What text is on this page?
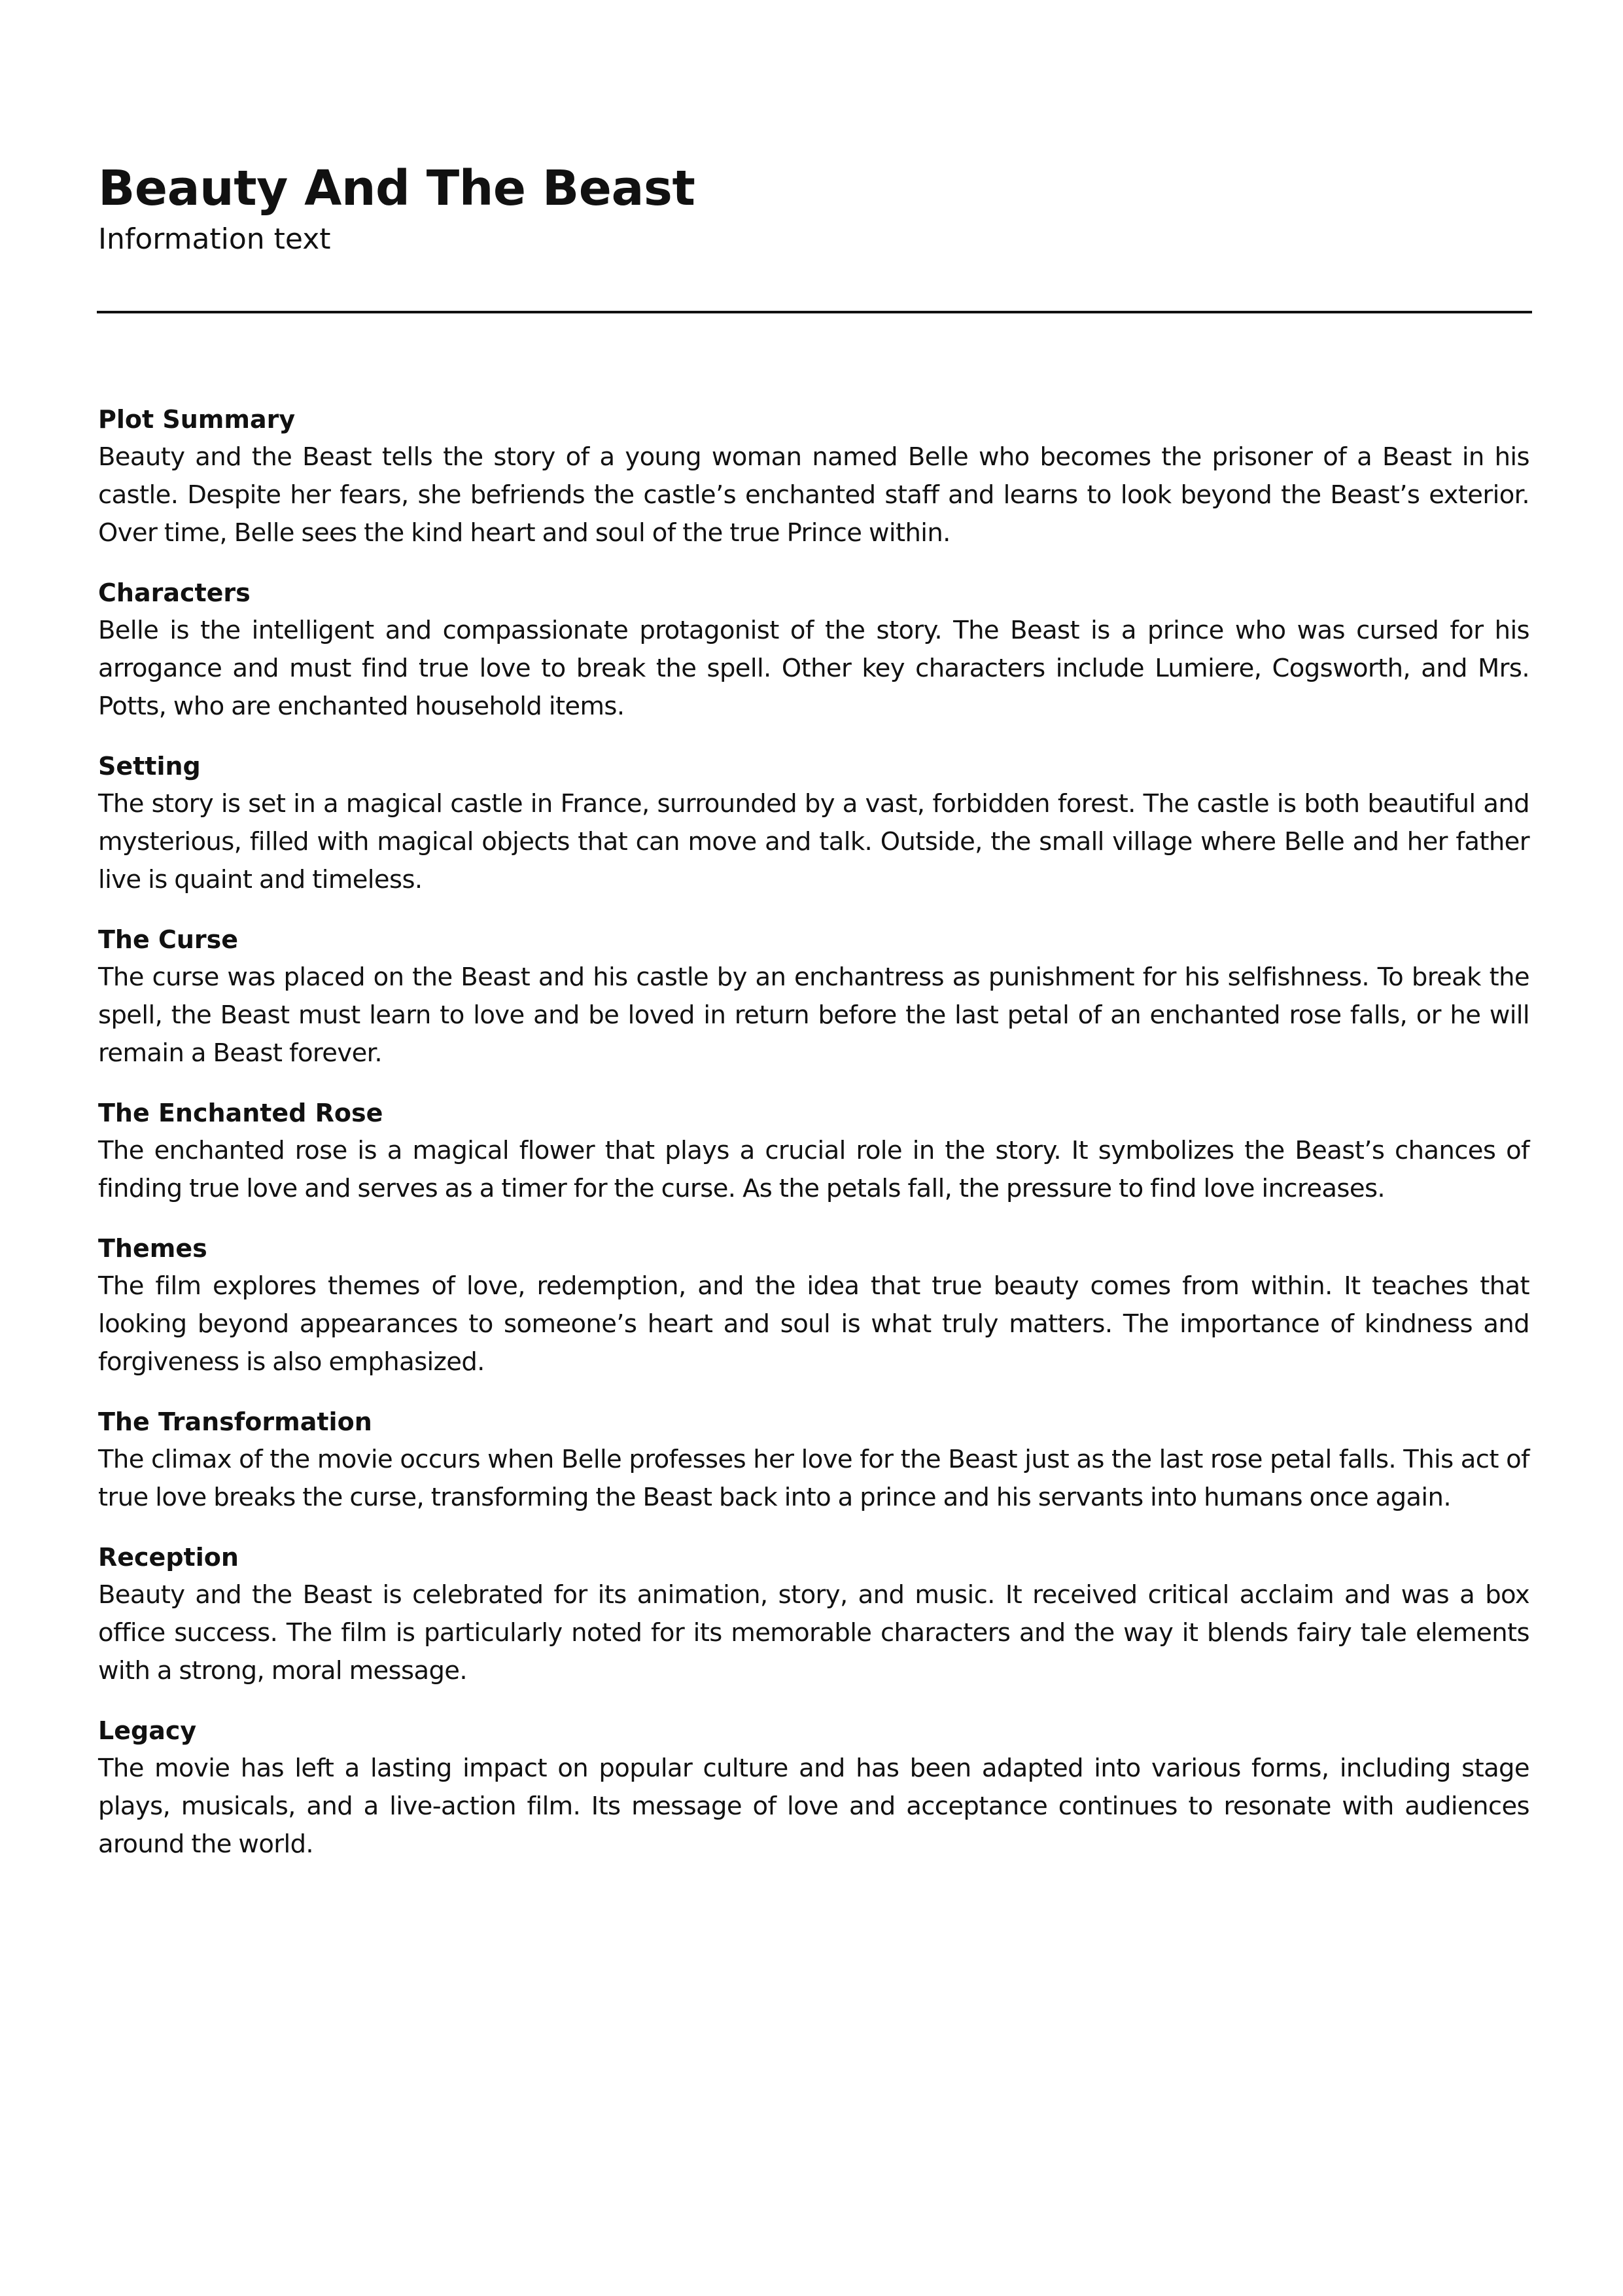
Beauty And The Beast

Information text

Plot Summary

Beauty and the Beast tells the story of a young woman named Belle who becomes the prisoner of a Beast in his castle. Despite her fears, she befriends the castle’s enchanted staff and learns to look beyond the Beast’s exterior. Over time, Belle sees the kind heart and soul of the true Prince within.

Characters

Belle is the intelligent and compassionate protagonist of the story. The Beast is a prince who was cursed for his arrogance and must find true love to break the spell. Other key characters include Lumiere, Cogsworth, and Mrs. Potts, who are enchanted household items.

Setting

The story is set in a magical castle in France, surrounded by a vast, forbidden forest. The castle is both beautiful and mysterious, filled with magical objects that can move and talk. Outside, the small village where Belle and her father live is quaint and timeless.

The Curse

The curse was placed on the Beast and his castle by an enchantress as punishment for his selfishness. To break the spell, the Beast must learn to love and be loved in return before the last petal of an enchanted rose falls, or he will remain a Beast forever.

The Enchanted Rose

The enchanted rose is a magical flower that plays a crucial role in the story. It symbolizes the Beast’s chances of finding true love and serves as a timer for the curse. As the petals fall, the pressure to find love increases.

Themes

The film explores themes of love, redemption, and the idea that true beauty comes from within. It teaches that looking beyond appearances to someone’s heart and soul is what truly matters. The importance of kindness and forgiveness is also emphasized.

The Transformation

The climax of the movie occurs when Belle professes her love for the Beast just as the last rose petal falls. This act of true love breaks the curse, transforming the Beast back into a prince and his servants into humans once again.

Reception

Beauty and the Beast is celebrated for its animation, story, and music. It received critical acclaim and was a box office success. The film is particularly noted for its memorable characters and the way it blends fairy tale elements with a strong, moral message.

Legacy

The movie has left a lasting impact on popular culture and has been adapted into various forms, including stage plays, musicals, and a live-action film. Its message of love and acceptance continues to resonate with audiences around the world.
